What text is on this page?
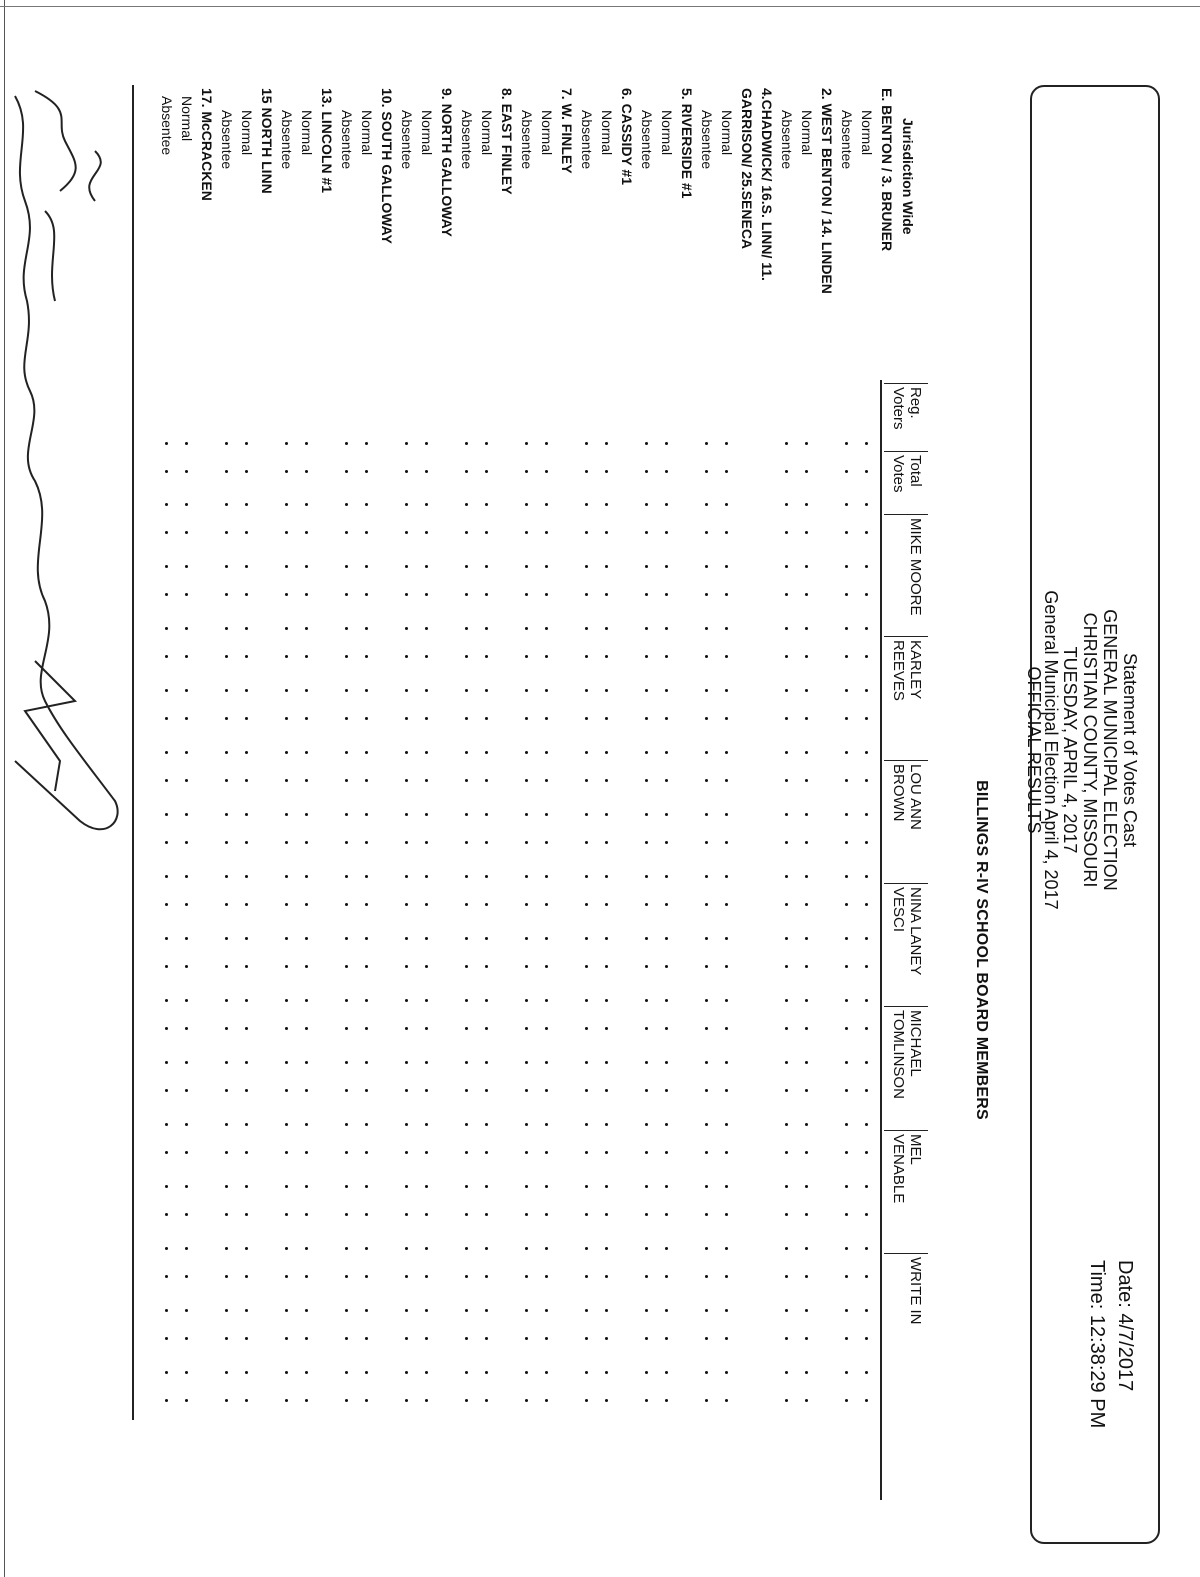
Statement of Votes Cast
GENERAL MUNICIPAL ELECTION
CHRISTIAN COUNTY, MISSOURI
TUESDAY, APRIL 4, 2017
General Municipal Election April 4, 2017
OFFICIAL RESULTS
Date: 4/7/2017
Time: 12:38:29 PM
BILLINGS R-IV SCHOOL BOARD MEMBERS
Reg.
Voters
Total
Votes
MIKE MOORE
KARLEY
REEVES
LOU ANN
BROWN
NINA LANEY
VESCI
MICHAEL
TOMLINSON
MEL
VENABLE
WRITE IN
Jurisdiction Wide
E. BENTON / 3. BRUNER
Normal
Absentee
2. WEST BENTON / 14. LINDEN
Normal
Absentee
4.CHADWICK/ 16.S. LINN/ 11.
GARRISON/ 25.SENECA
Normal
Absentee
5. RIVERSIDE #1
Normal
Absentee
6. CASSIDY #1
Normal
Absentee
7. W. FINLEY
Normal
Absentee
8. EAST FINLEY
Normal
Absentee
9. NORTH GALLOWAY
Normal
Absentee
10. SOUTH GALLOWAY
Normal
Absentee
13. LINCOLN #1
Normal
Absentee
15 NORTH LINN
Normal
Absentee
17. McCRACKEN
Normal
Absentee
